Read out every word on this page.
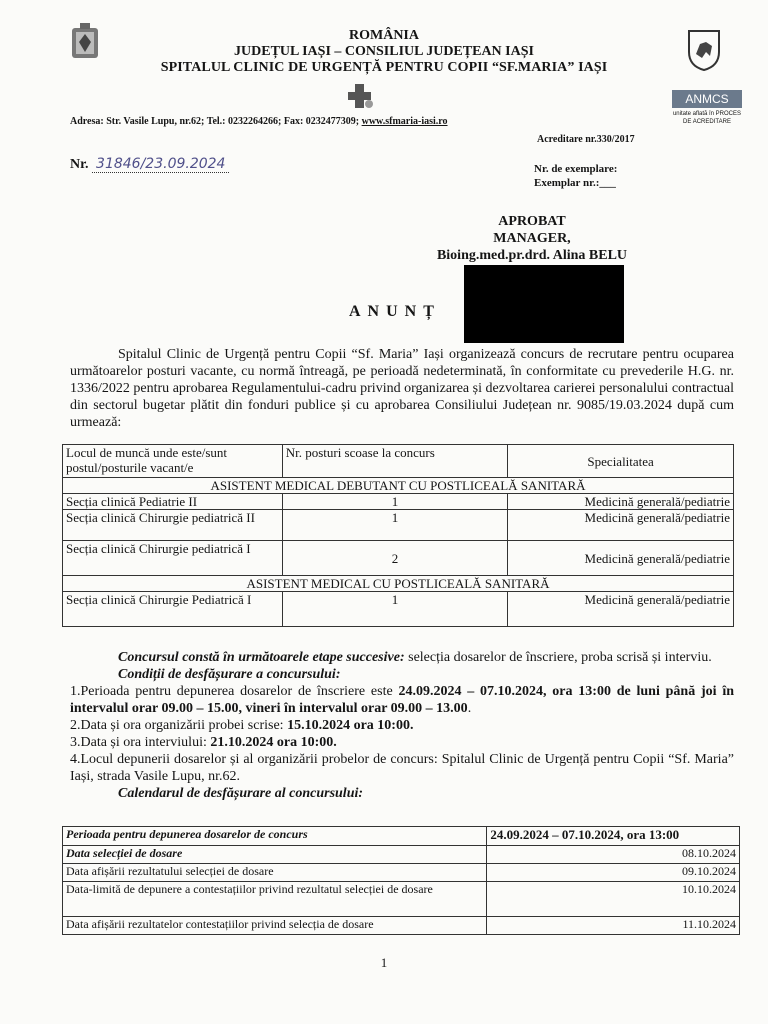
ANMCS
unitate aflată în PROCES DE ACREDITARE

ROMÂNIA

JUDEȚUL IAȘI – CONSILIUL JUDEȚEAN IAȘI

SPITALUL CLINIC DE URGENȚĂ PENTRU COPII “SF.MARIA” IAȘI

Adresa: Str. Vasile Lupu, nr.62; Tel.: 0232264266; Fax: 0232477309; www.sfmaria-iasi.ro
Acreditare nr.330/2017
Nr. 31846/23.09.2024	Nr. de exemplare:
Exemplar nr.:___
APROBAT
MANAGER,
Bioing.med.pr.drd. Alina BELU
ANUNȚ

Spitalul Clinic de Urgență pentru Copii “Sf. Maria” Iași organizează concurs de recrutare pentru ocuparea următoarelor posturi vacante, cu normă întreagă, pe perioadă nedeterminată, în conformitate cu prevederile H.G. nr. 1336/2022 pentru aprobarea Regulamentului-cadru privind organizarea și dezvoltarea carierei personalului contractual din sectorul bugetar plătit din fonduri publice și cu aprobarea Consiliului Județean nr. 9085/19.03.2024 după cum urmează:

Locul de muncă unde este/sunt postul/posturile vacant/e	Nr. posturi scoase la concurs	Specialitatea
ASISTENT MEDICAL DEBUTANT CU POSTLICEALĂ SANITARĂ		
Secția clinică Pediatrie II	1	Medicină generală/pediatrie
Secția clinică Chirurgie pediatrică II	1	Medicină generală/pediatrie
Secția clinică Chirurgie pediatrică I	2	Medicină generală/pediatrie
ASISTENT MEDICAL CU POSTLICEALĂ SANITARĂ		
Secția clinică Chirurgie Pediatrică I	1	Medicină generală/pediatrie

Concursul constă în următoarele etape succesive: selecția dosarelor de înscriere, proba scrisă și interviu.

Condiții de desfășurare a concursului:

1.Perioada pentru depunerea dosarelor de înscriere este 24.09.2024 – 07.10.2024, ora 13:00 de luni până joi în intervalul orar 09.00 – 15.00, vineri în intervalul orar 09.00 – 13.00.

2.Data și ora organizării probei scrise: 15.10.2024 ora 10:00.

3.Data și ora interviului: 21.10.2024 ora 10:00.

4.Locul depunerii dosarelor și al organizării probelor de concurs: Spitalul Clinic de Urgență pentru Copii “Sf. Maria” Iași, strada Vasile Lupu, nr.62.

Calendarul de desfășurare al concursului:

Perioada pentru depunerea dosarelor de concurs	24.09.2024 – 07.10.2024, ora 13:00
Data selecției de dosare	08.10.2024
Data afișării rezultatului selecției de dosare	09.10.2024
Data-limită de depunere a contestațiilor privind rezultatul selecției de dosare	10.10.2024
Data afișării rezultatelor contestațiilor privind selecția de dosare	11.10.2024
1
